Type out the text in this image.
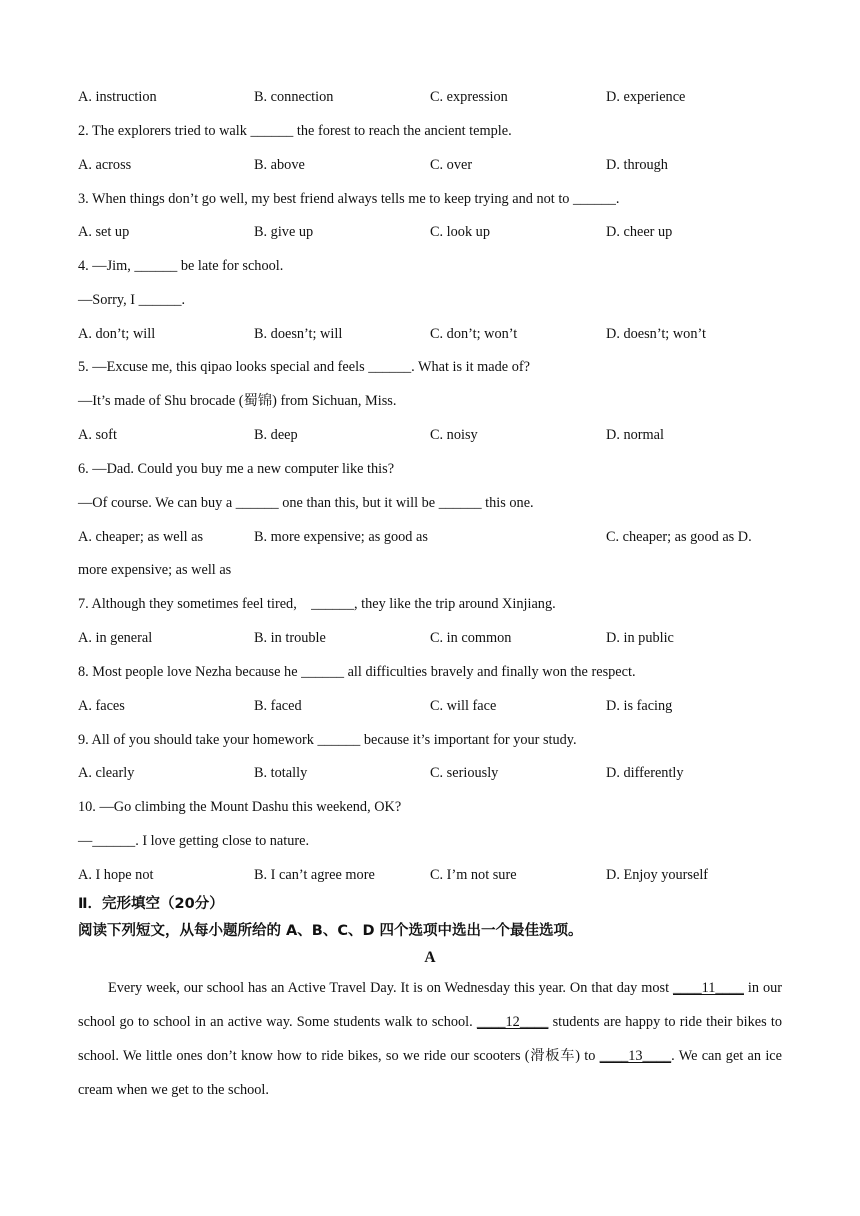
A. instruction	B. connection	C. expression	D. experience
2. The explorers tried to walk ______ the forest to reach the ancient temple.
A. across	B. above	C. over	D. through
3. When things don’t go well, my best friend always tells me to keep trying and not to ______.
A. set up	B. give up	C. look up	D. cheer up
4. —Jim, ______ be late for school.
—Sorry, I ______.
A. don’t; will	B. doesn’t; will	C. don’t; won’t	D. doesn’t; won’t
5. —Excuse me, this qipao looks special and feels ______. What is it made of?
—It’s made of Shu brocade (蜀锦) from Sichuan, Miss.
A. soft	B. deep	C. noisy	D. normal
6. —Dad. Could you buy me a new computer like this?
—Of course. We can buy a ______ one than this, but it will be ______ this one.
A. cheaper; as well as	B. more expensive; as good as	C. cheaper; as good as D.
more expensive; as well as
7. Although they sometimes feel tired,    ______, they like the trip around Xinjiang.
A. in general	B. in trouble	C. in common	D. in public
8. Most people love Nezha because he ______ all difficulties bravely and finally won the respect.
A. faces	B. faced	C. will face	D. is facing
9. All of you should take your homework ______ because it’s important for your study.
A. clearly	B. totally	C. seriously	D. differently
10. —Go climbing the Mount Dashu this weekend, OK?
—______. I love getting close to nature.
A. I hope not	B. I can’t agree more	C. I’m not sure	D. Enjoy yourself
Ⅱ．完形填空（20分）
阅读下列短文，从每小题所给的 A、B、C、D 四个选项中选出一个最佳选项。
A

Every week, our school has an Active Travel Day. It is on Wednesday this year. On that day most ____11____ in our school go to school in an active way. Some students walk to school. ____12____ students are happy to ride their bikes to school. We little ones don’t know how to ride bikes, so we ride our scooters (滑板车) to ____13____. We can get an ice cream when we get to the school.
